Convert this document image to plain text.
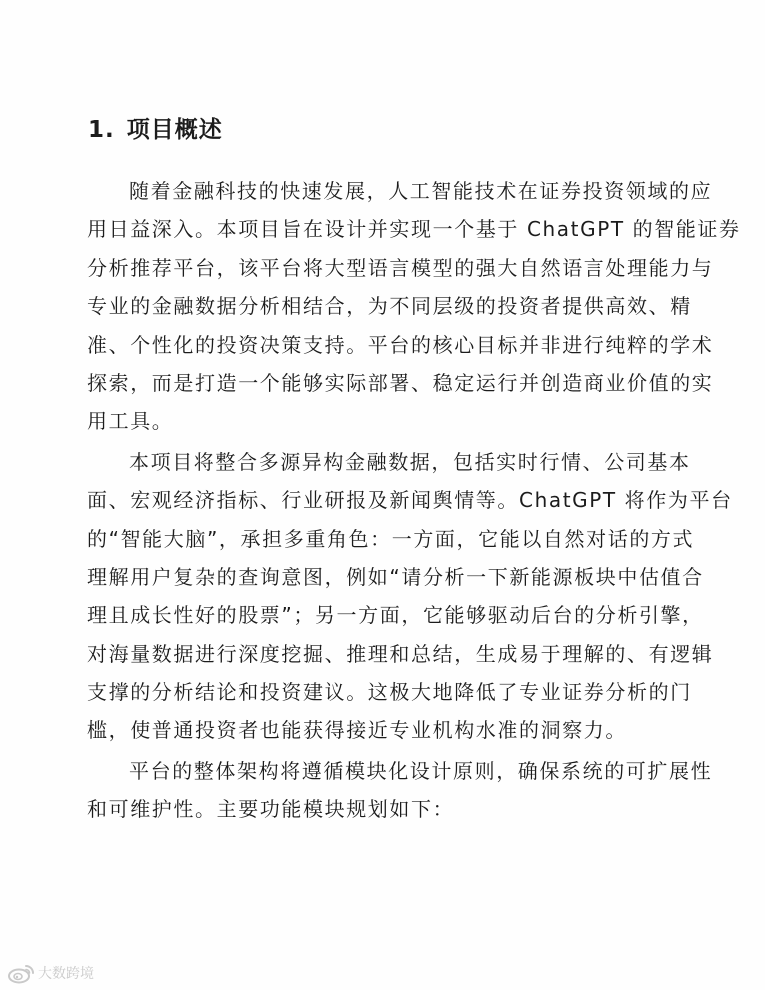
1. 项目概述
随着金融科技的快速发展，人工智能技术在证券投资领域的应
用日益深入。本项目旨在设计并实现一个基于 ChatGPT 的智能证券
分析推荐平台，该平台将大型语言模型的强大自然语言处理能力与
专业的金融数据分析相结合，为不同层级的投资者提供高效、精
准、个性化的投资决策支持。平台的核心目标并非进行纯粹的学术
探索，而是打造一个能够实际部署、稳定运行并创造商业价值的实
用工具。
本项目将整合多源异构金融数据，包括实时行情、公司基本
面、宏观经济指标、行业研报及新闻舆情等。ChatGPT 将作为平台
的“智能大脑”，承担多重角色：一方面，它能以自然对话的方式
理解用户复杂的查询意图，例如“请分析一下新能源板块中估值合
理且成长性好的股票”；另一方面，它能够驱动后台的分析引擎，
对海量数据进行深度挖掘、推理和总结，生成易于理解的、有逻辑
支撑的分析结论和投资建议。这极大地降低了专业证券分析的门
槛，使普通投资者也能获得接近专业机构水准的洞察力。
平台的整体架构将遵循模块化设计原则，确保系统的可扩展性
和可维护性。主要功能模块规划如下：
大数跨境
